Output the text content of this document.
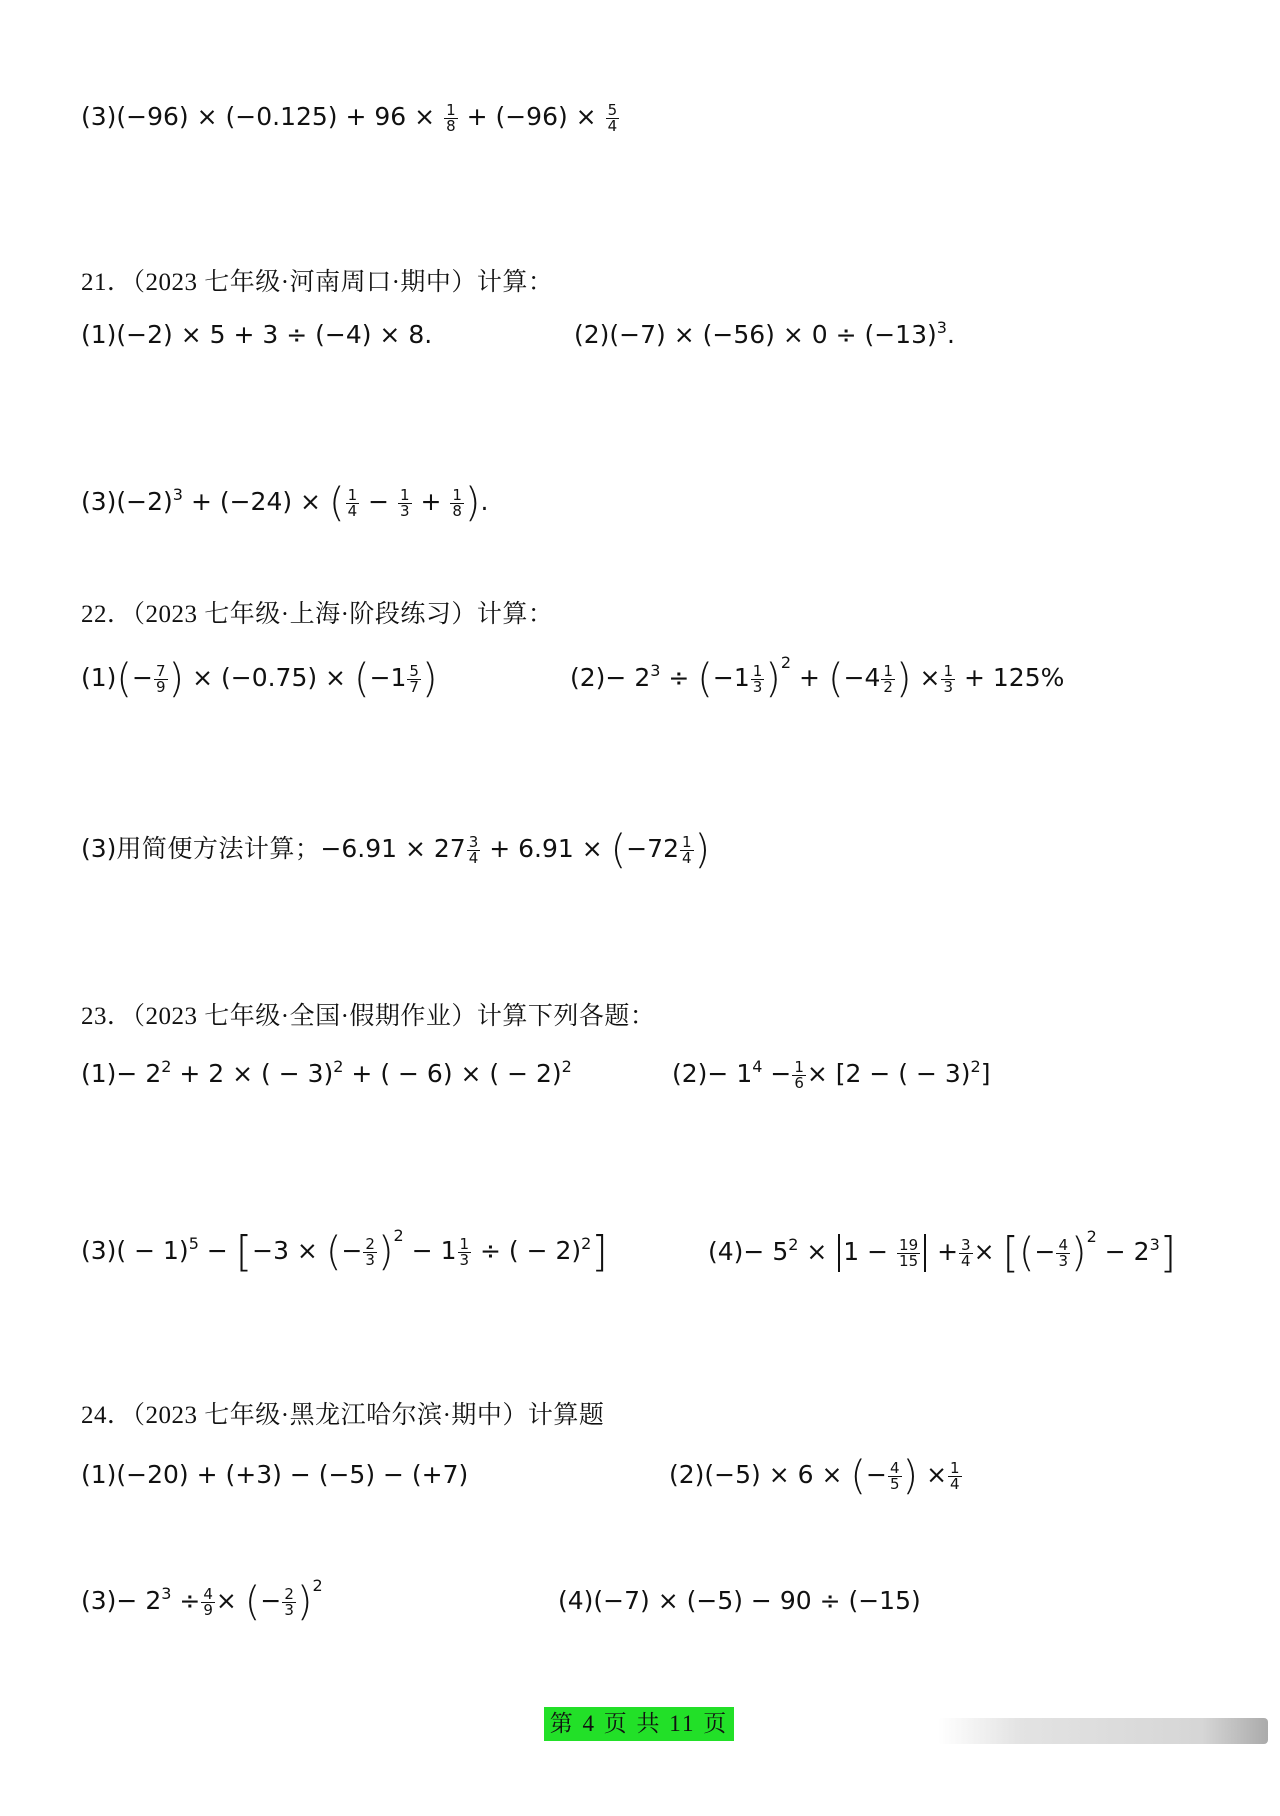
$(3)(-96) \times (-0.125) + 96 \times \frac{1}{8} + (-96) \times \frac{5}{4}$
21．（2023 七年级·河南周口·期中）计算：
(1)(−2) × 5 + 3 ÷ (−4) × 8.	$(2)(-7) \times (-56) \times 0 \div (-13)^3$.
$(3)(-2)^3 + (-24)$ × ( $\frac{1}{4} - \frac{1}{3} + \frac{1}{8}$ ).
22．（2023 七年级·上海·阶段练习）计算：
$(1)(- \frac{7}{9}$ ) × $(-0.75) \times (-1 \frac{5}{7}$ )	$(2)- 2^3 \div (-1 \frac{1}{3} )^2 + (-4 \frac{1}{2}$ ) × $\frac{1}{3} + 125\%$
(3)用简便方法计算；$-6.91 \times 27 \frac{3}{4} + 6.91 \times (-72 \frac{1}{4}$ )
23．（2023 七年级·全国·假期作业）计算下列各题：
$(1)- 2^2 + 2$ × ( − 3)$^2$ + ( − 6) × ( − 2)$^2$	$(2)- 1^4 - \frac{1}{6} \times [2$ − ( − 3)$^2$]
$(3)( - 1)^5 - [-3$ × (− $\frac{2}{3} )^2 - 1 \frac{1}{3}$ ÷ ( − 2)$^2$]	$(4)- 5^2 \times 1 - \frac{19}{15} + \frac{3}{4}$ × [(− $\frac{4}{3} )^2 - 2^3$]
24．（2023 七年级·黑龙江哈尔滨·期中）计算题
(1)(−20) + (+3) − (−5) − (+7)	(2)(−5) × 6 × (− $\frac{4}{5}$ ) × $\frac{1}{4}$
$(3)- 2^3 \div \frac{4}{9}$ × (− $\frac{2}{3} )^2$
(4)(−7) × (−5) − 90 ÷ (−15)
第 4 页 共 11 页
